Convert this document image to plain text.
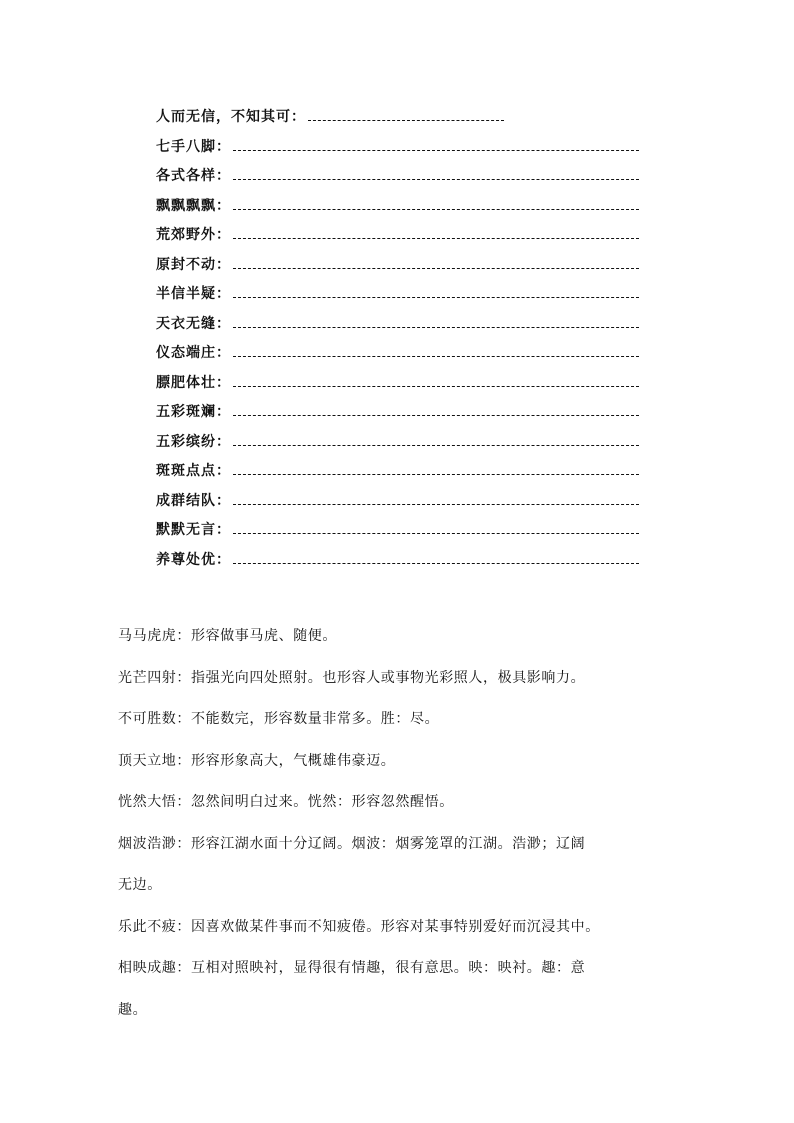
人而无信，不知其可：
七手八脚：
各式各样：
飘飘飘飘：
荒郊野外：
原封不动：
半信半疑：
天衣无缝：
仪态端庄：
膘肥体壮：
五彩斑斓：
五彩缤纷：
斑斑点点：
成群结队：
默默无言：
养尊处优：
马马虎虎：形容做事马虎、随便。
光芒四射：指强光向四处照射。也形容人或事物光彩照人，极具影响力。
不可胜数：不能数完，形容数量非常多。胜：尽。
顶天立地：形容形象高大，气概雄伟豪迈。
恍然大悟：忽然间明白过来。恍然：形容忽然醒悟。
烟波浩渺：形容江湖水面十分辽阔。烟波：烟雾笼罩的江湖。浩渺；辽阔
无边。
乐此不疲：因喜欢做某件事而不知疲倦。形容对某事特别爱好而沉浸其中。
相映成趣：互相对照映衬，显得很有情趣，很有意思。映：映衬。趣：意
趣。
